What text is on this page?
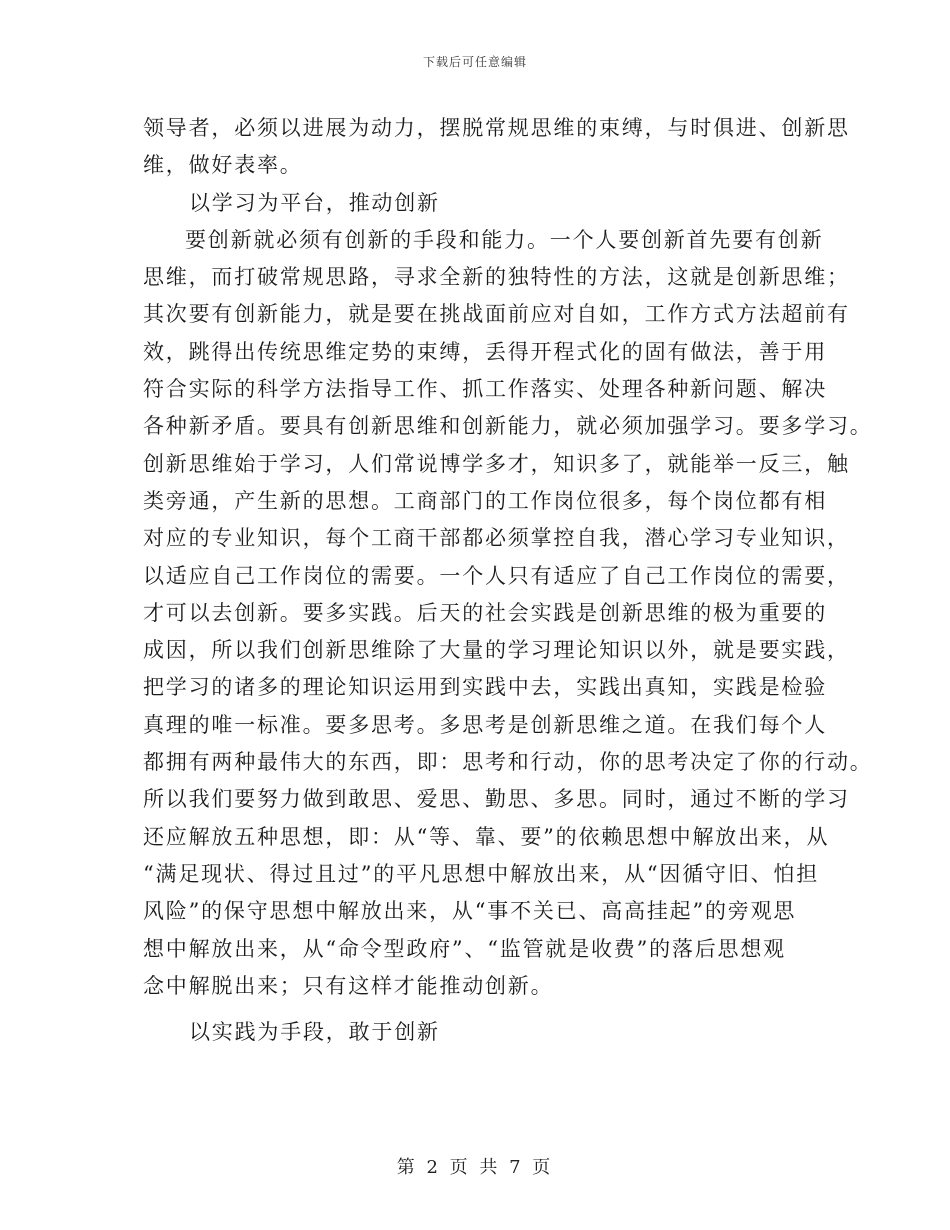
下载后可任意编辑
领导者，必须以进展为动力，摆脱常规思维的束缚，与时俱进、创新思
维，做好表率。
以学习为平台，推动创新
要创新就必须有创新的手段和能力。一个人要创新首先要有创新
思维，而打破常规思路，寻求全新的独特性的方法，这就是创新思维；
其次要有创新能力，就是要在挑战面前应对自如，工作方式方法超前有
效，跳得出传统思维定势的束缚，丢得开程式化的固有做法，善于用
符合实际的科学方法指导工作、抓工作落实、处理各种新问题、解决
各种新矛盾。要具有创新思维和创新能力，就必须加强学习。要多学习。
创新思维始于学习，人们常说博学多才，知识多了，就能举一反三，触
类旁通，产生新的思想。工商部门的工作岗位很多，每个岗位都有相
对应的专业知识，每个工商干部都必须掌控自我，潜心学习专业知识，
以适应自己工作岗位的需要。一个人只有适应了自己工作岗位的需要，
才可以去创新。要多实践。后天的社会实践是创新思维的极为重要的
成因，所以我们创新思维除了大量的学习理论知识以外，就是要实践，
把学习的诸多的理论知识运用到实践中去，实践出真知，实践是检验
真理的唯一标准。要多思考。多思考是创新思维之道。在我们每个人
都拥有两种最伟大的东西，即：思考和行动，你的思考决定了你的行动。
所以我们要努力做到敢思、爱思、勤思、多思。同时，通过不断的学习
还应解放五种思想，即：从“等、靠、要”的依赖思想中解放出来，从
“满足现状、得过且过”的平凡思想中解放出来，从“因循守旧、怕担
风险”的保守思想中解放出来，从“事不关已、高高挂起”的旁观思
想中解放出来，从“命令型政府”、“监管就是收费”的落后思想观
念中解脱出来；只有这样才能推动创新。
以实践为手段，敢于创新
第 2 页 共 7 页
